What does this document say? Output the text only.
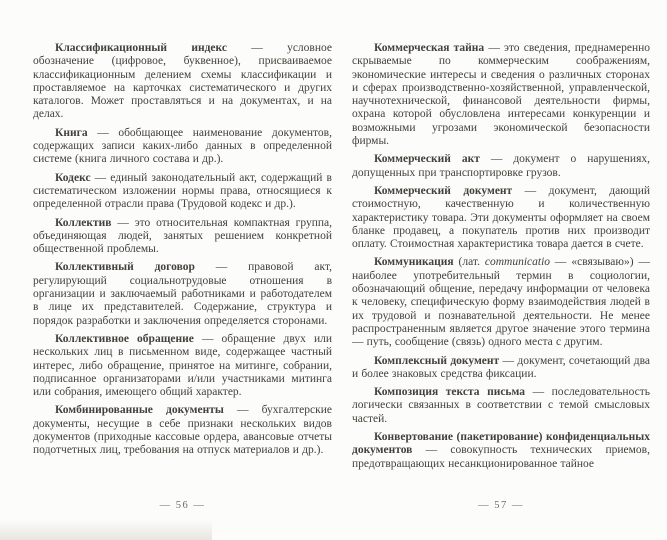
Классификационный индекс — условное обозначение (цифровое, буквенное), присваиваемое классификационным делением схемы классификации и проставляемое на карточках систематического и других каталогов. Может проставляться и на документах, и на делах.

Книга — обобщающее наименование документов, содержащих записи каких-либо данных в определенной системе (книга личного состава и др.).

Кодекс — единый законодательный акт, содержащий в систематическом изложении нормы права, относящиеся к определенной отрасли права (Трудовой кодекс и др.).

Коллектив — это относительная компактная группа, объединяющая людей, занятых решением конкретной общественной проблемы.

Коллективный договор — правовой акт, регулирующий социальнотрудовые отношения в организации и заключаемый работниками и работодателем в лице их представителей. Содержание, структура и порядок разработки и заключения определяется сторонами.

Коллективное обращение — обращение двух или нескольких лиц в письменном виде, содержащее частный интерес, либо обращение, принятое на митинге, собрании, подписанное организаторами и/или участниками митинга или собрания, имеющего общий характер.

Комбинированные документы — бухгалтерские документы, несущие в себе признаки нескольких видов документов (приходные кассовые ордера, авансовые отчеты подотчетных лиц, требования на отпуск материалов и др.).

Коммерческая тайна — это сведения, преднамеренно скрываемые по коммерческим соображениям, экономические интересы и сведения о различных сторонах и сферах производственно-хозяйственной, управленческой, научнотехнической, финансовой деятельности фирмы, охрана которой обусловлена интересами конкуренции и возможными угрозами экономической безопасности фирмы.

Коммерческий акт — документ о нарушениях, допущенных при транспортировке грузов.

Коммерческий документ — документ, дающий стоимостную, качественную и количественную характеристику товара. Эти документы оформляет на своем бланке продавец, а покупатель против них производит оплату. Стоимостная характеристика товара дается в счете.

Коммуникация (лат. communicatio — «связываю») — наиболее употребительный термин в социологии, обозначающий общение, передачу информации от человека к человеку, специфическую форму взаимодействия людей в их трудовой и познавательной деятельности. Не менее распространенным является другое значение этого термина — путь, сообщение (связь) одного места с другим.

Комплексный документ — документ, сочетающий два и более знаковых средства фиксации.

Композиция текста письма — последовательность логически связанных в соответствии с темой смысловых частей.

Конвертование (пакетирование) конфиденциальных документов — совокупность технических приемов, предотвращающих несанкционированное тайное

— 56 —	— 57 —
